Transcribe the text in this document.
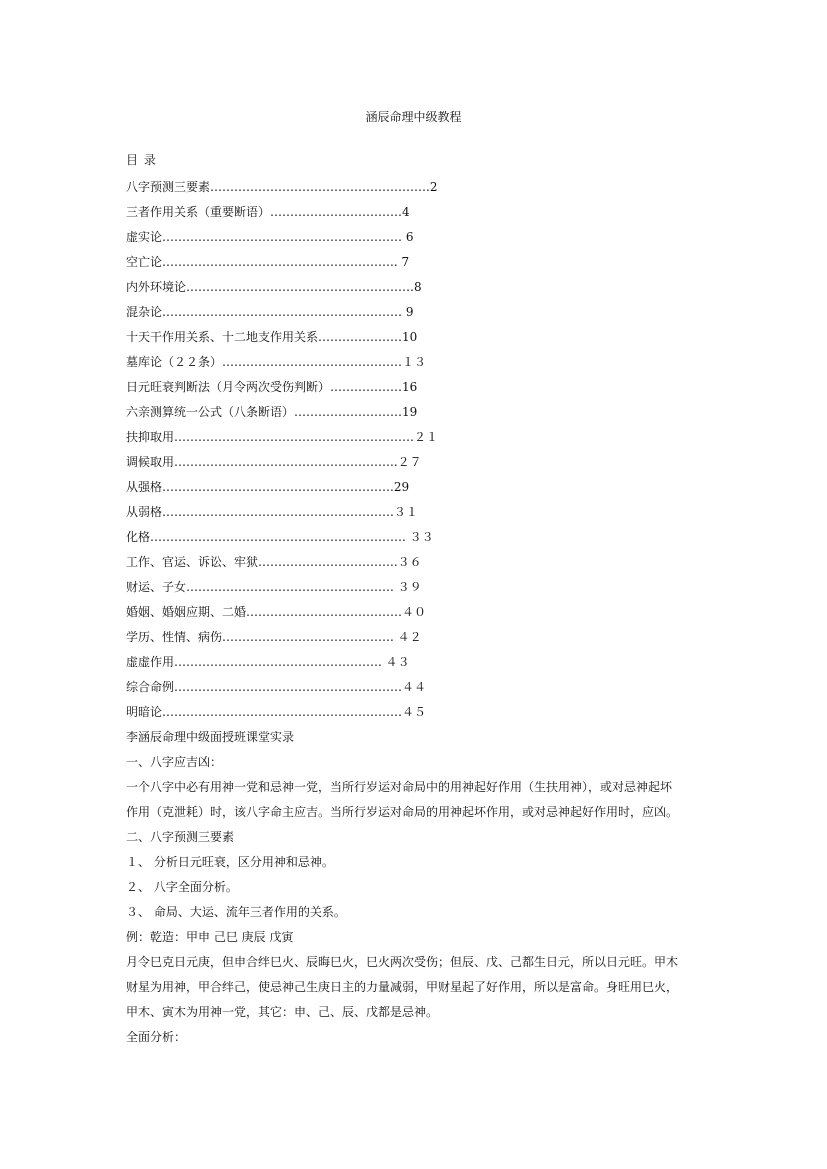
涵辰命理中级教程
目 录
八字预测三要素……………………………………………….2
三者作用关系（重要断语）……………………………4
虚实论…………………………………………………… 6
空亡论………………………………………………….. 7
内外环境论…………………………………………………8
混杂论…………………………………………………… 9
十天干作用关系、十二地支作用关系…………………10
墓库论（２２条）………………………………………１３
日元旺衰判断法（月令两次受伤判断）………………16
六亲测算统一公式（八条断语）………………………19
扶抑取用……………………………………………………２１
调候取用………………………………………………..２７
从强格………………………………………………….29
从弱格………………………………………………….３１
化格………………………………………………………. ３３
工作、官运、诉讼、牢狱……………………………..３６
财运、子女……………………………………………. ３９
婚姻、婚姻应期、二婚…………………………………４０
学历、性情、病伤……………………………………. ４２
虚虚作用……………………………………………. ４３
综合命例…………………………………………………４４
明暗论……………………………………………………４５
李涵辰命理中级面授班课堂实录
一、八字应吉凶：
一个八字中必有用神一党和忌神一党，当所行岁运对命局中的用神起好作用（生扶用神），或对忌神起坏
作用（克泄耗）时，该八字命主应吉。当所行岁运对命局的用神起坏作用，或对忌神起好作用时，应凶。
二、八字预测三要素
１、 分析日元旺衰，区分用神和忌神。
２、 八字全面分析。
３、 命局、大运、流年三者作用的关系。
例：乾造：甲申 己巳 庚辰 戊寅
月令巳克日元庚，但申合绊巳火、辰晦巳火，巳火两次受伤；但辰、戊、己都生日元，所以日元旺。甲木
财星为用神，甲合绊己，使忌神己生庚日主的力量减弱，甲财星起了好作用，所以是富命。身旺用巳火，
甲木、寅木为用神一党，其它：申、己、辰、戊都是忌神。
全面分析：
